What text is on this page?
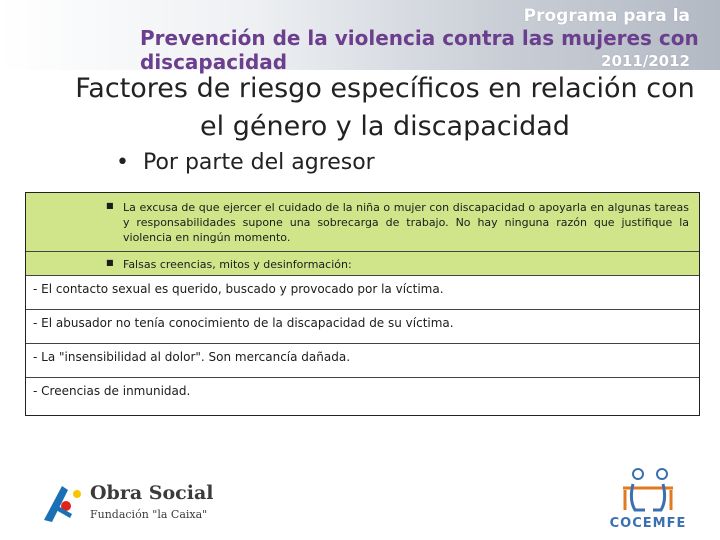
Programa para la
Prevención de la violencia contra las mujeres con discapacidad	2011/2012
Factores de riesgo específicos en relación con el género y la discapacidad
• Por parte del agresor
■ La excusa de que ejercer el cuidado de la niña o mujer con discapacidad o apoyarla en algunas tareas y responsabilidades supone una sobrecarga de trabajo. No hay ninguna razón que justifique la violencia en ningún momento.
■ Falsas creencias, mitos y desinformación:
- El contacto sexual es querido, buscado y provocado por la víctima.
- El abusador no tenía conocimiento de la discapacidad de su víctima.
- La "insensibilidad al dolor". Son mercancía dañada.
- Creencias de inmunidad.
Obra Social
Fundación "la Caixa"
COCEMFE
